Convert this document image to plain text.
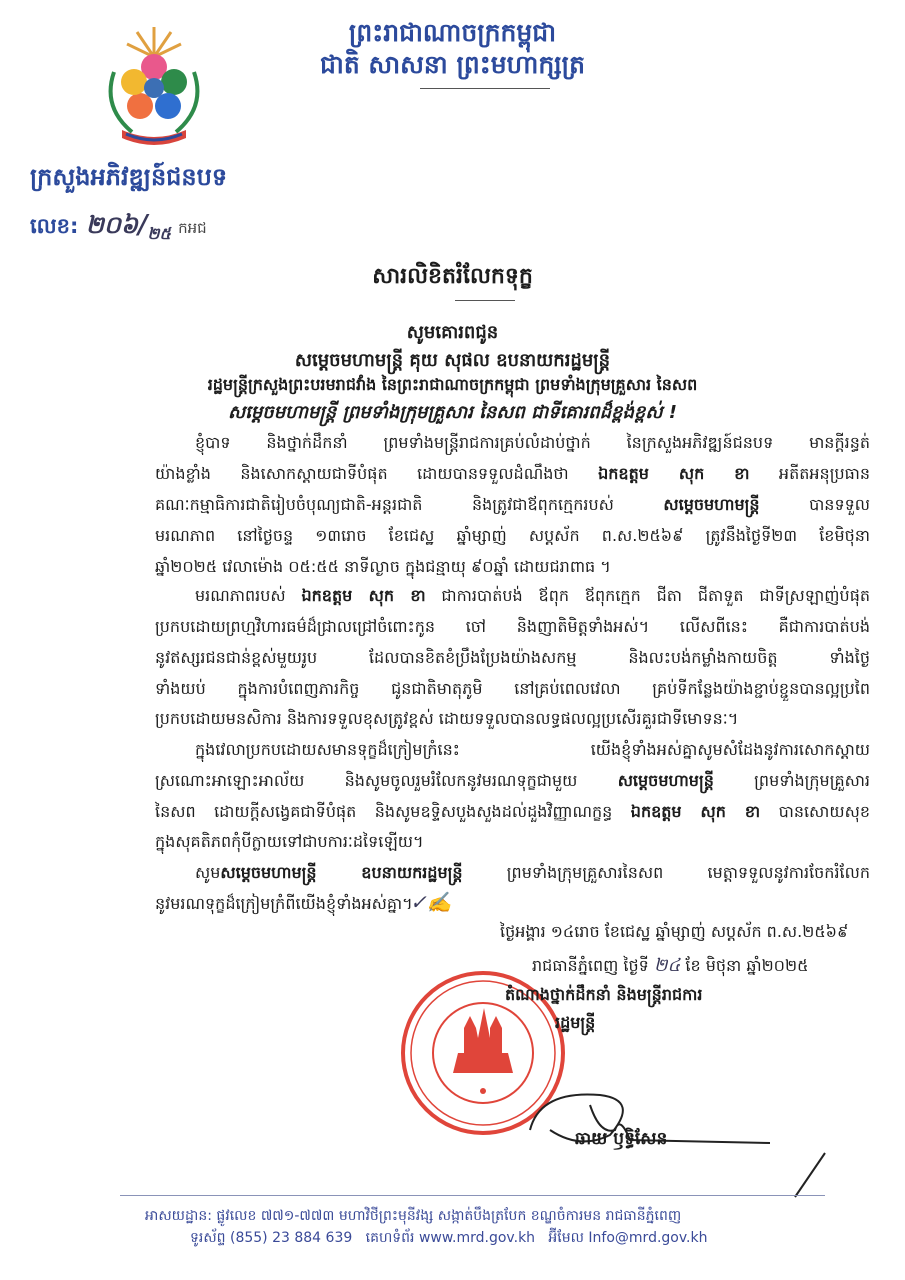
ព្រះរាជាណាចក្រកម្ពុជា
ជាតិ សាសនា ព្រះមហាក្សត្រ
ក្រសួងអភិវឌ្ឍន៍ជនបទ
លេខ: ២០៦$/_{២៥}$ កអជ
សារលិខិតរំលែកទុក្ខ
សូមគោរពជូន
សម្តេចមហាមន្ត្រី គុយ សុផល ឧបនាយករដ្ឋមន្ត្រី
រដ្ឋមន្ត្រីក្រសួងព្រះបរមរាជវាំង នៃព្រះរាជាណាចក្រកម្ពុជា ព្រមទាំងក្រុមគ្រួសារ នៃសព
សម្តេចមហាមន្ត្រី ព្រមទាំងក្រុមគ្រួសារ នៃសព ជាទីគោរពដ៏ខ្ពង់ខ្ពស់ !
ខ្ញុំបាទ និងថ្នាក់ដឹកនាំ ព្រមទាំងមន្ត្រីរាជការគ្រប់លំដាប់ថ្នាក់ នៃក្រសួងអភិវឌ្ឍន៍ជនបទ មានក្តីរន្ធត់
យ៉ាងខ្លាំង និងសោកស្តាយជាទីបំផុត ដោយបានទទួលដំណឹងថា ឯកឧត្តម សុក ខា អតីតអនុប្រធាន
គណៈកម្មាធិការជាតិរៀបចំបុណ្យជាតិ-អន្តរជាតិ និងត្រូវជាឪពុកក្មេករបស់ សម្តេចមហាមន្ត្រី បានទទួល
មរណភាព នៅថ្ងៃចន្ទ ១៣រោច ខែជេស្ឋ ឆ្នាំម្សាញ់ សប្តស័ក ព.ស.២៥៦៩ ត្រូវនឹងថ្ងៃទី២៣ ខែមិថុនា
ឆ្នាំ២០២៥ វេលាម៉ោង ០៥:៥៥ នាទីល្ងាច ក្នុងជន្មាយុ ៩០ឆ្នាំ ដោយជរាពាធ ។
មរណភាពរបស់ ឯកឧត្តម សុក ខា ជាការបាត់បង់ ឪពុក ឪពុកក្មេក ជីតា ជីតាទួត ជាទីស្រឡាញ់បំផុត
ប្រកបដោយព្រហ្មវិហារធម៌ដ៏ជ្រាលជ្រៅចំពោះកូន ចៅ និងញាតិមិត្តទាំងអស់។ លើសពីនេះ គឺជាការបាត់បង់
នូវឥស្សរជនជាន់ខ្ពស់មួយរូប ដែលបានខិតខំប្រឹងប្រែងយ៉ាងសកម្ម និងលះបង់កម្លាំងកាយចិត្ត ទាំងថ្ងៃ
ទាំងយប់ ក្នុងការបំពេញភារកិច្ច ជូនជាតិមាតុភូមិ នៅគ្រប់ពេលវេលា គ្រប់ទីកន្លែងយ៉ាងខ្ជាប់ខ្ជួនបានល្អប្រពៃ
ប្រកបដោយមនសិការ និងការទទួលខុសត្រូវខ្ពស់ ដោយទទួលបានលទ្ធផលល្អប្រសើរគួរជាទីមោទនៈ។
ក្នុងវេលាប្រកបដោយសមានទុក្ខដ៏ក្រៀមក្រំនេះ យើងខ្ញុំទាំងអស់គ្នាសូមសំដែងនូវការសោកស្តាយ
ស្រណោះអាឡោះអាល័យ និងសូមចូលរួមរំលែកនូវមរណទុក្ខជាមួយ សម្តេចមហាមន្ត្រី ព្រមទាំងក្រុមគ្រួសារ
នៃសព ដោយក្តីសង្វេគជាទីបំផុត និងសូមឧទ្ទិសបួងសួងដល់ដួងវិញ្ញាណក្ខន្ធ ឯកឧត្តម សុក ខា បានសោយសុខ
ក្នុងសុគតិភពកុំបីក្លាយទៅជាបការៈដទៃឡើយ។
សូមសម្តេចមហាមន្ត្រី ឧបនាយករដ្ឋមន្ត្រី ព្រមទាំងក្រុមគ្រួសារនៃសព មេត្តាទទួលនូវការចែករំលែក
នូវមរណទុក្ខដ៏ក្រៀមក្រំពីយើងខ្ញុំទាំងអស់គ្នា។
✓✍
ថ្ងៃអង្គារ ១៤រោច ខែជេស្ឋ ឆ្នាំម្សាញ់ សប្តស័ក ព.ស.២៥៦៩
រាជធានីភ្នំពេញ ថ្ងៃទី ២៤ ខែ មិថុនា ឆ្នាំ២០២៥
តំណាងថ្នាក់ដឹកនាំ និងមន្ត្រីរាជការ
រដ្ឋមន្ត្រី
ឆាយ ឫទ្ធិសែន
អាសយដ្ឋាន: ផ្លូវលេខ ៧៧១-៧៧៣ មហាវិថីព្រះមុនីវង្ស សង្កាត់បឹងត្របែក ខណ្ឌចំការមន រាជធានីភ្នំពេញ
ទូរស័ព្ទ (855) 23 884 639 គេហទំព័រ www.mrd.gov.kh អ៊ីមែល Info@mrd.gov.kh
